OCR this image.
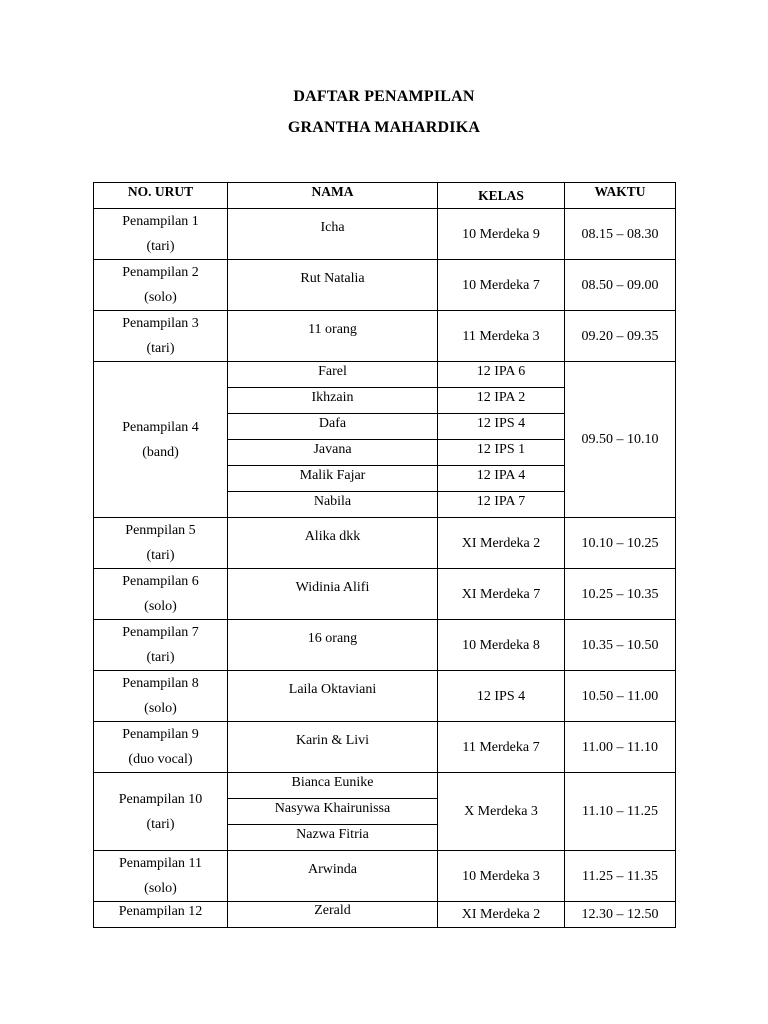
DAFTAR PENAMPILAN
GRANTHA MAHARDIKA
NO. URUT	NAMA	KELAS	WAKTU

Penampilan 1
(tari)	Icha	10 Merdeka 9	08.15 – 08.30

Penampilan 2
(solo)	Rut Natalia	10 Merdeka 7	08.50 – 09.00

Penampilan 3
(tari)	11 orang	11 Merdeka 3	09.20 – 09.35

Penampilan 4
(band)	Farel	12 IPA 6	09.50 – 10.10
	Ikhzain	12 IPA 2	
	Dafa	12 IPS 4	
	Javana	12 IPS 1	
	Malik Fajar	12 IPA 4	
	Nabila	12 IPA 7	

Penmpilan 5
(tari)	Alika dkk	XI Merdeka 2	10.10 – 10.25

Penampilan 6
(solo)	Widinia Alifi	XI Merdeka 7	10.25 – 10.35

Penampilan 7
(tari)	16 orang	10 Merdeka 8	10.35 – 10.50

Penampilan 8
(solo)	Laila Oktaviani	12 IPS 4	10.50 – 11.00

Penampilan 9
(duo vocal)	Karin & Livi	11 Merdeka 7	11.00 – 11.10

Penampilan 10
(tari)	Bianca Eunike	X Merdeka 3	11.10 – 11.25
	Nasywa Khairunissa		
	Nazwa Fitria		

Penampilan 11
(solo)	Arwinda	10 Merdeka 3	11.25 – 11.35
Penampilan 12	Zerald	XI Merdeka 2	12.30 – 12.50
